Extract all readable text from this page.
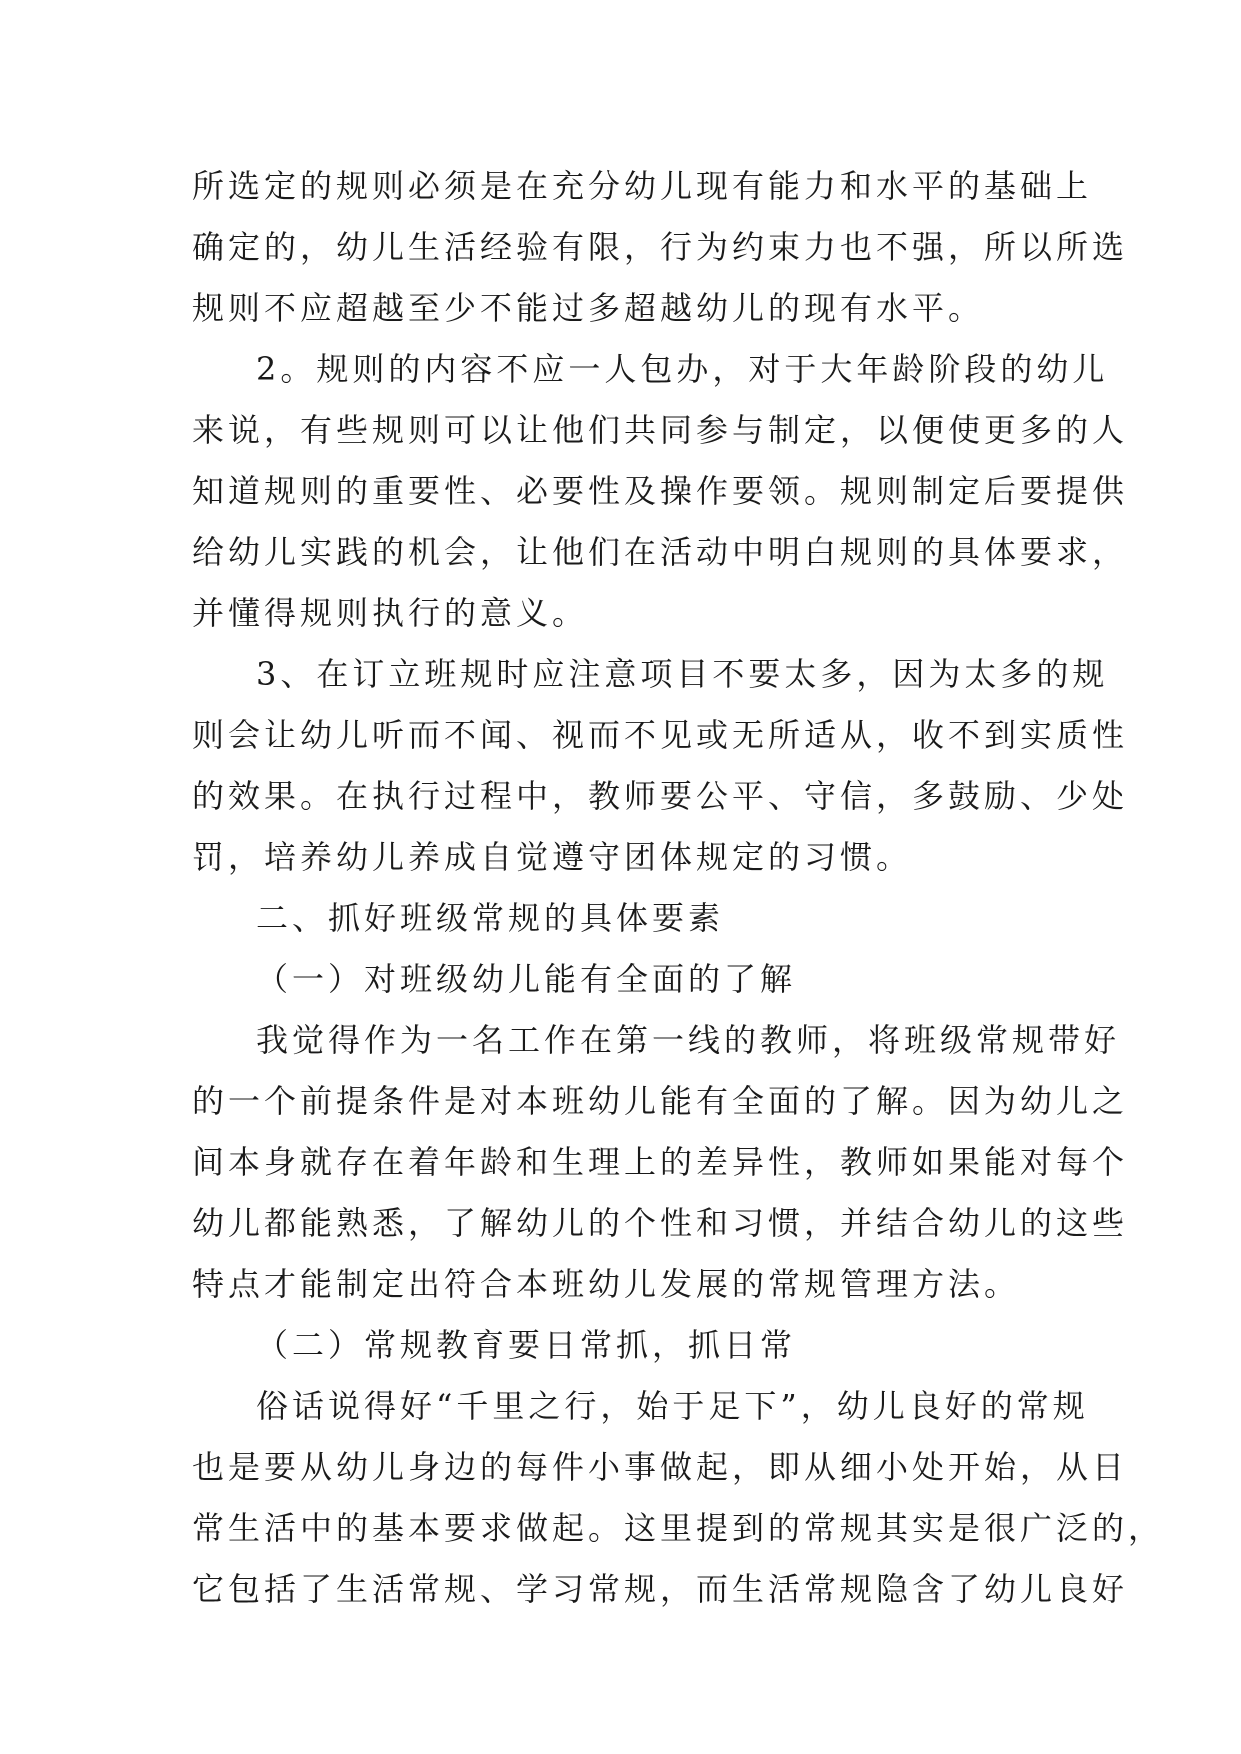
所选定的规则必须是在充分幼儿现有能力和水平的基础上
确定的，幼儿生活经验有限，行为约束力也不强，所以所选
规则不应超越至少不能过多超越幼儿的现有水平。
2。规则的内容不应一人包办，对于大年龄阶段的幼儿
来说，有些规则可以让他们共同参与制定，以便使更多的人
知道规则的重要性、必要性及操作要领。规则制定后要提供
给幼儿实践的机会，让他们在活动中明白规则的具体要求，
并懂得规则执行的意义。
3、在订立班规时应注意项目不要太多，因为太多的规
则会让幼儿听而不闻、视而不见或无所适从，收不到实质性
的效果。在执行过程中，教师要公平、守信，多鼓励、少处
罚，培养幼儿养成自觉遵守团体规定的习惯。
二、抓好班级常规的具体要素
（一）对班级幼儿能有全面的了解
我觉得作为一名工作在第一线的教师，将班级常规带好
的一个前提条件是对本班幼儿能有全面的了解。因为幼儿之
间本身就存在着年龄和生理上的差异性，教师如果能对每个
幼儿都能熟悉，了解幼儿的个性和习惯，并结合幼儿的这些
特点才能制定出符合本班幼儿发展的常规管理方法。
（二）常规教育要日常抓，抓日常
俗话说得好“千里之行，始于足下”，幼儿良好的常规
也是要从幼儿身边的每件小事做起，即从细小处开始，从日
常生活中的基本要求做起。这里提到的常规其实是很广泛的，
它包括了生活常规、学习常规，而生活常规隐含了幼儿良好
